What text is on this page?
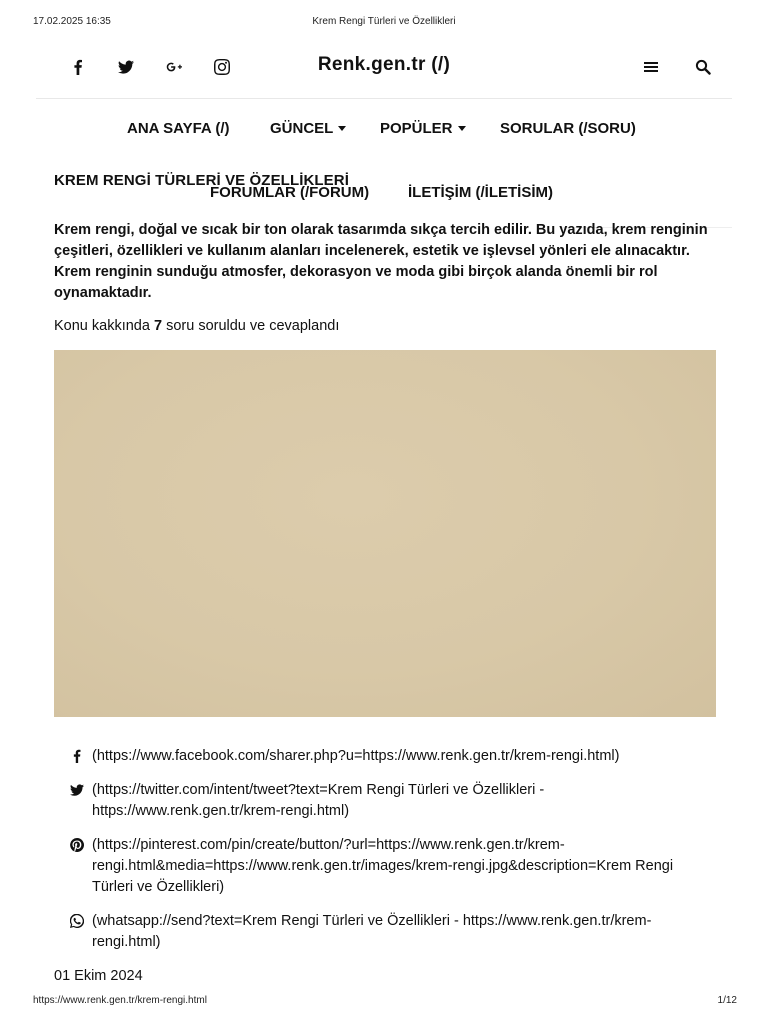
17.02.2025 16:35	Krem Rengi Türleri ve Özellikleri
Renk.gen.tr (/)
ANA SAYFA (/)	GÜNCEL	POPÜLER	SORULAR (/SORU)
KREM RENGİ TÜRLERİ VE ÖZELLİKLERİ
FORUMLAR (/FORUM)	İLETİŞİM (/İLETİSİM)

Krem rengi, doğal ve sıcak bir ton olarak tasarımda sıkça tercih edilir. Bu yazıda, krem renginin çeşitleri, özellikleri ve kullanım alanları incelenerek, estetik ve işlevsel yönleri ele alınacaktır. Krem renginin sunduğu atmosfer, dekorasyon ve moda gibi birçok alanda önemli bir rol oynamaktadır.

Konu kakkında 7 soru soruldu ve cevaplandı

(https://www.facebook.com/sharer.php?u=https://www.renk.gen.tr/krem-rengi.html)
(https://twitter.com/intent/tweet?text=Krem Rengi Türleri ve Özellikleri - https://www.renk.gen.tr/krem-rengi.html)
(https://pinterest.com/pin/create/button/?url=https://www.renk.gen.tr/krem-rengi.html&media=https://www.renk.gen.tr/images/krem-rengi.jpg&description=Krem Rengi Türleri ve Özellikleri)
(whatsapp://send?text=Krem Rengi Türleri ve Özellikleri - https://www.renk.gen.tr/krem-rengi.html)
01 Ekim 2024
https://www.renk.gen.tr/krem-rengi.html	1/12
